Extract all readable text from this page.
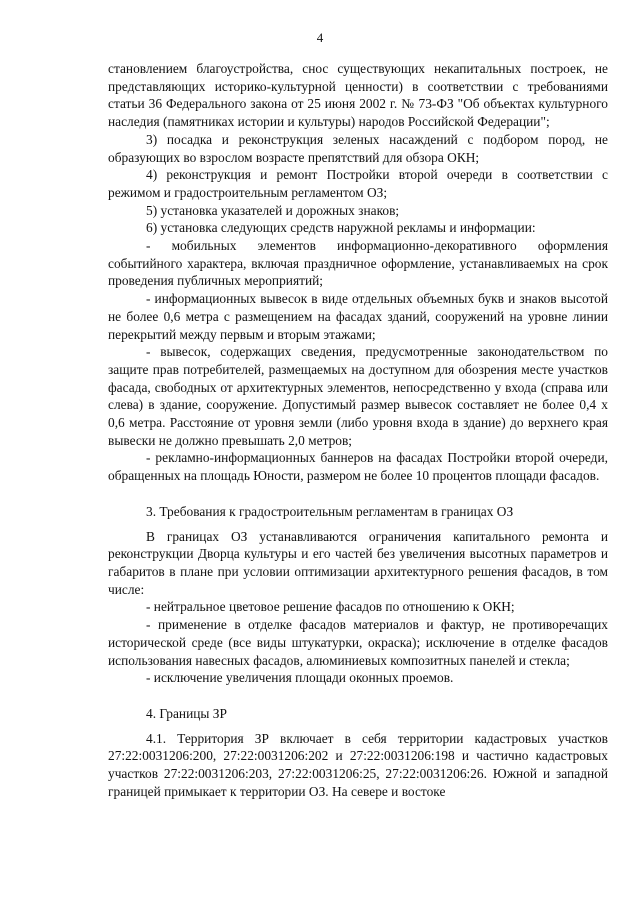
4

становлением благоустройства, снос существующих некапитальных построек, не представляющих историко-культурной ценности) в соответствии с требованиями статьи 36 Федерального закона от 25 июня 2002 г. № 73-ФЗ "Об объектах культурного наследия (памятниках истории и культуры) народов Российской Федерации";

3) посадка и реконструкция зеленых насаждений с подбором пород, не образующих во взрослом возрасте препятствий для обзора ОКН;

4) реконструкция и ремонт Постройки второй очереди в соответствии с режимом и градостроительным регламентом ОЗ;

5) установка указателей и дорожных знаков;

6) установка следующих средств наружной рекламы и информации:

- мобильных элементов информационно-декоративного оформления событийного характера, включая праздничное оформление, устанавливаемых на срок проведения публичных мероприятий;

- информационных вывесок в виде отдельных объемных букв и знаков высотой не более 0,6 метра с размещением на фасадах зданий, сооружений на уровне линии перекрытий между первым и вторым этажами;

- вывесок, содержащих сведения, предусмотренные законодательством по защите прав потребителей, размещаемых на доступном для обозрения месте участков фасада, свободных от архитектурных элементов, непосредственно у входа (справа или слева) в здание, сооружение. Допустимый размер вывесок составляет не более 0,4 х 0,6 метра. Расстояние от уровня земли (либо уровня входа в здание) до верхнего края вывески не должно превышать 2,0 метров;

- рекламно-информационных баннеров на фасадах Постройки второй очереди, обращенных на площадь Юности, размером не более 10 процентов площади фасадов.

3. Требования к градостроительным регламентам в границах ОЗ

В границах ОЗ устанавливаются ограничения капитального ремонта и реконструкции Дворца культуры и его частей без увеличения высотных параметров и габаритов в плане при условии оптимизации архитектурного решения фасадов, в том числе:

- нейтральное цветовое решение фасадов по отношению к ОКН;

- применение в отделке фасадов материалов и фактур, не противоречащих исторической среде (все виды штукатурки, окраска); исключение в отделке фасадов использования навесных фасадов, алюминиевых композитных панелей и стекла;

- исключение увеличения площади оконных проемов.

4. Границы ЗР

4.1. Территория ЗР включает в себя территории кадастровых участков 27:22:0031206:200, 27:22:0031206:202 и 27:22:0031206:198 и частично кадастровых участков 27:22:0031206:203, 27:22:0031206:25, 27:22:0031206:26. Южной и западной границей примыкает к территории ОЗ. На севере и востоке
